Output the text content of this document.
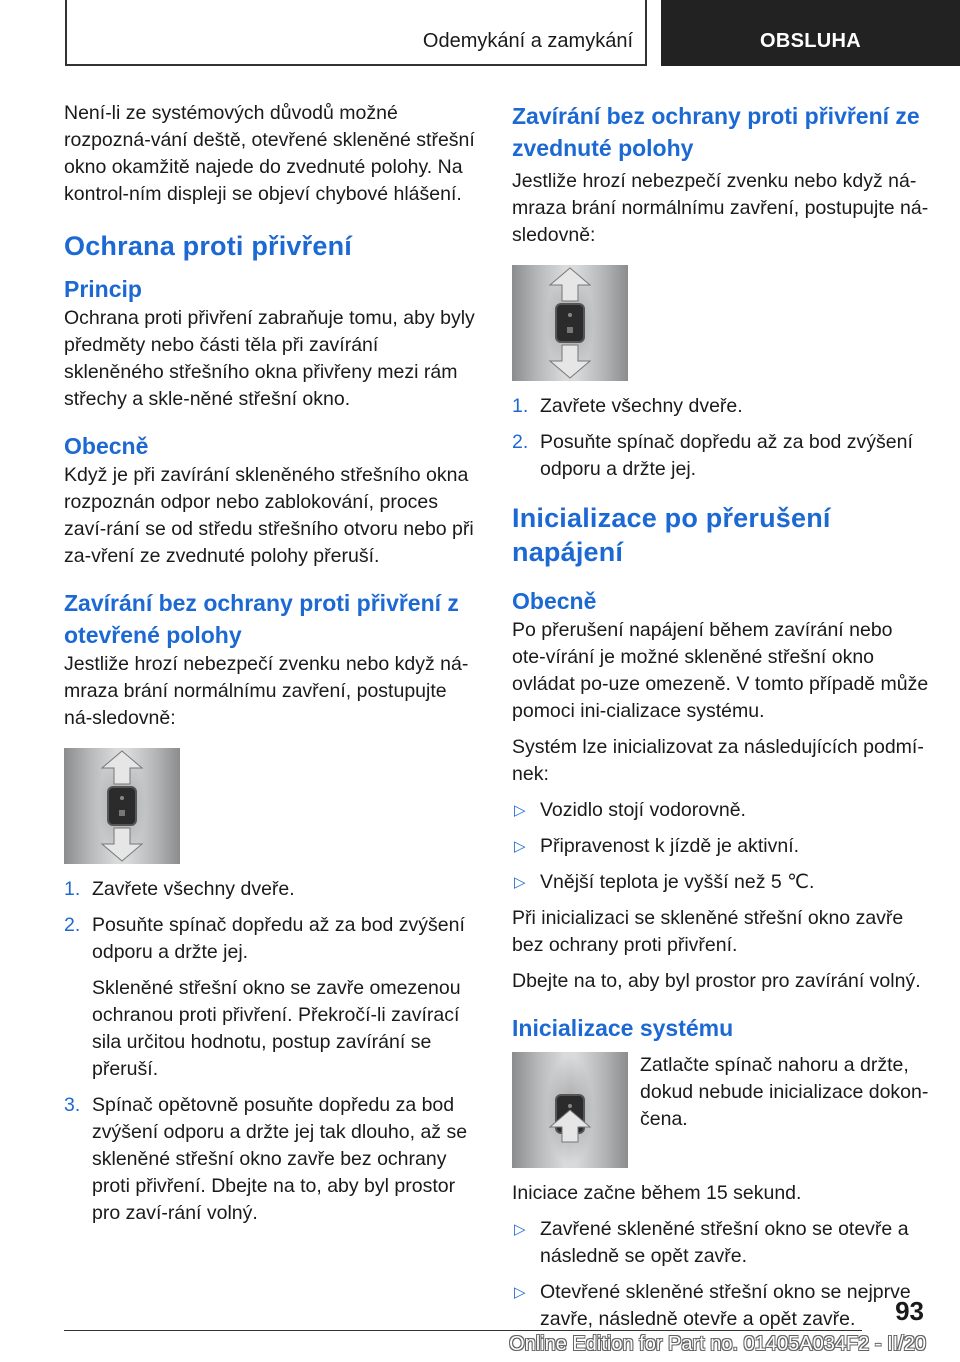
Odemykání a zamykání	OBSLUHA

Není-li ze systémových důvodů možné rozpozná-vání deště, otevřené skleněné střešní okno okamžitě najede do zvednuté polohy. Na kontrol-ním displeji se objeví chybové hlášení.

Ochrana proti přivření
Princip

Ochrana proti přivření zabraňuje tomu, aby byly předměty nebo části těla při zavírání skleněného střešního okna přivřeny mezi rám střechy a skle-něné střešní okno.

Obecně

Když je při zavírání skleněného střešního okna rozpoznán odpor nebo zablokování, proces zaví-rání se od středu střešního otvoru nebo při za-vření ze zvednuté polohy přeruší.

Zavírání bez ochrany proti přivření z otevřené polohy

Jestliže hrozí nebezpečí zvenku nebo když ná-mraza brání normálnímu zavření, postupujte ná-sledovně:

1. Zavřete všechny dveře.
2. Posuňte spínač dopředu až za bod zvýšení odporu a držte jej.
Skleněné střešní okno se zavře omezenou ochranou proti přivření. Překročí-li zavírací sila určitou hodnotu, postup zavírání se přeruší.
3. Spínač opětovně posuňte dopředu za bod zvýšení odporu a držte jej tak dlouho, až se skleněné střešní okno zavře bez ochrany proti přivření. Dbejte na to, aby byl prostor pro zaví-rání volný.
Zavírání bez ochrany proti přivření ze zvednuté polohy

Jestliže hrozí nebezpečí zvenku nebo když ná-mraza brání normálnímu zavření, postupujte ná-sledovně:

1. Zavřete všechny dveře.
2. Posuňte spínač dopředu až za bod zvýšení odporu a držte jej.
Inicializace po přerušení napájení
Obecně

Po přerušení napájení během zavírání nebo ote-vírání je možné skleněné střešní okno ovládat po-uze omezeně. V tomto případě může pomoci ini-cializace systému.

Systém lze inicializovat za následujících podmí-nek:

▷ Vozidlo stojí vodorovně.
▷ Připravenost k jízdě je aktivní.
▷ Vnější teplota je vyšší než 5 ℃.

Při inicializaci se skleněné střešní okno zavře bez ochrany proti přivření.

Dbejte na to, aby byl prostor pro zavírání volný.

Inicializace systému

Zatlačte spínač nahoru a držte, dokud nebude inicializace dokon-čena.

Iniciace začne během 15 sekund.

▷ Zavřené skleněné střešní okno se otevře a následně se opět zavře.
▷ Otevřené skleněné střešní okno se nejprve zavře, následně otevře a opět zavře.	93
Online Edition for Part no. 01405A034F2 - II/20
